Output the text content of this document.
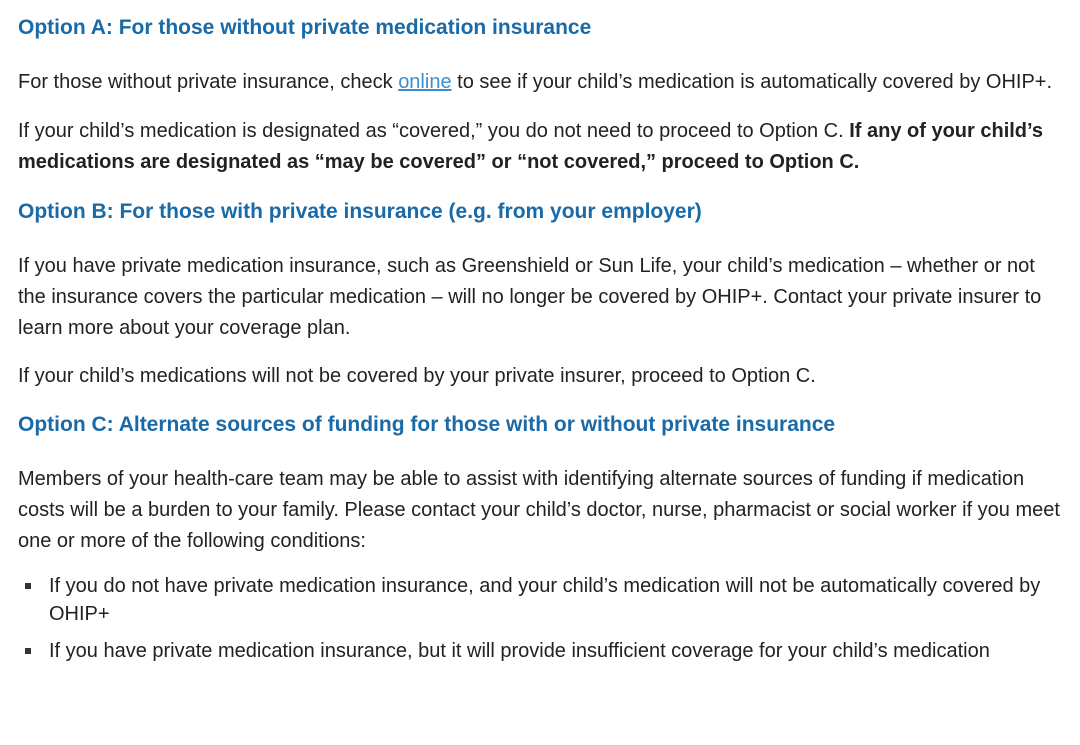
Option A: For those without private medication insurance

For those without private insurance, check online to see if your child’s medication is automatically covered by OHIP+.

If your child’s medication is designated as “covered,” you do not need to proceed to Option C. If any of your child’s medications are designated as “may be covered” or “not covered,” proceed to Option C.

Option B: For those with private insurance (e.g. from your employer)

If you have private medication insurance, such as Greenshield or Sun Life, your child’s medication – whether or not the insurance covers the particular medication – will no longer be covered by OHIP+. Contact your private insurer to learn more about your coverage plan.

If your child’s medications will not be covered by your private insurer, proceed to Option C.

Option C: Alternate sources of funding for those with or without private insurance

Members of your health-care team may be able to assist with identifying alternate sources of funding if medication costs will be a burden to your family. Please contact your child’s doctor, nurse, pharmacist or social worker if you meet one or more of the following conditions:

If you do not have private medication insurance, and your child’s medication will not be automatically covered by OHIP+
If you have private medication insurance, but it will provide insufficient coverage for your child’s medication
